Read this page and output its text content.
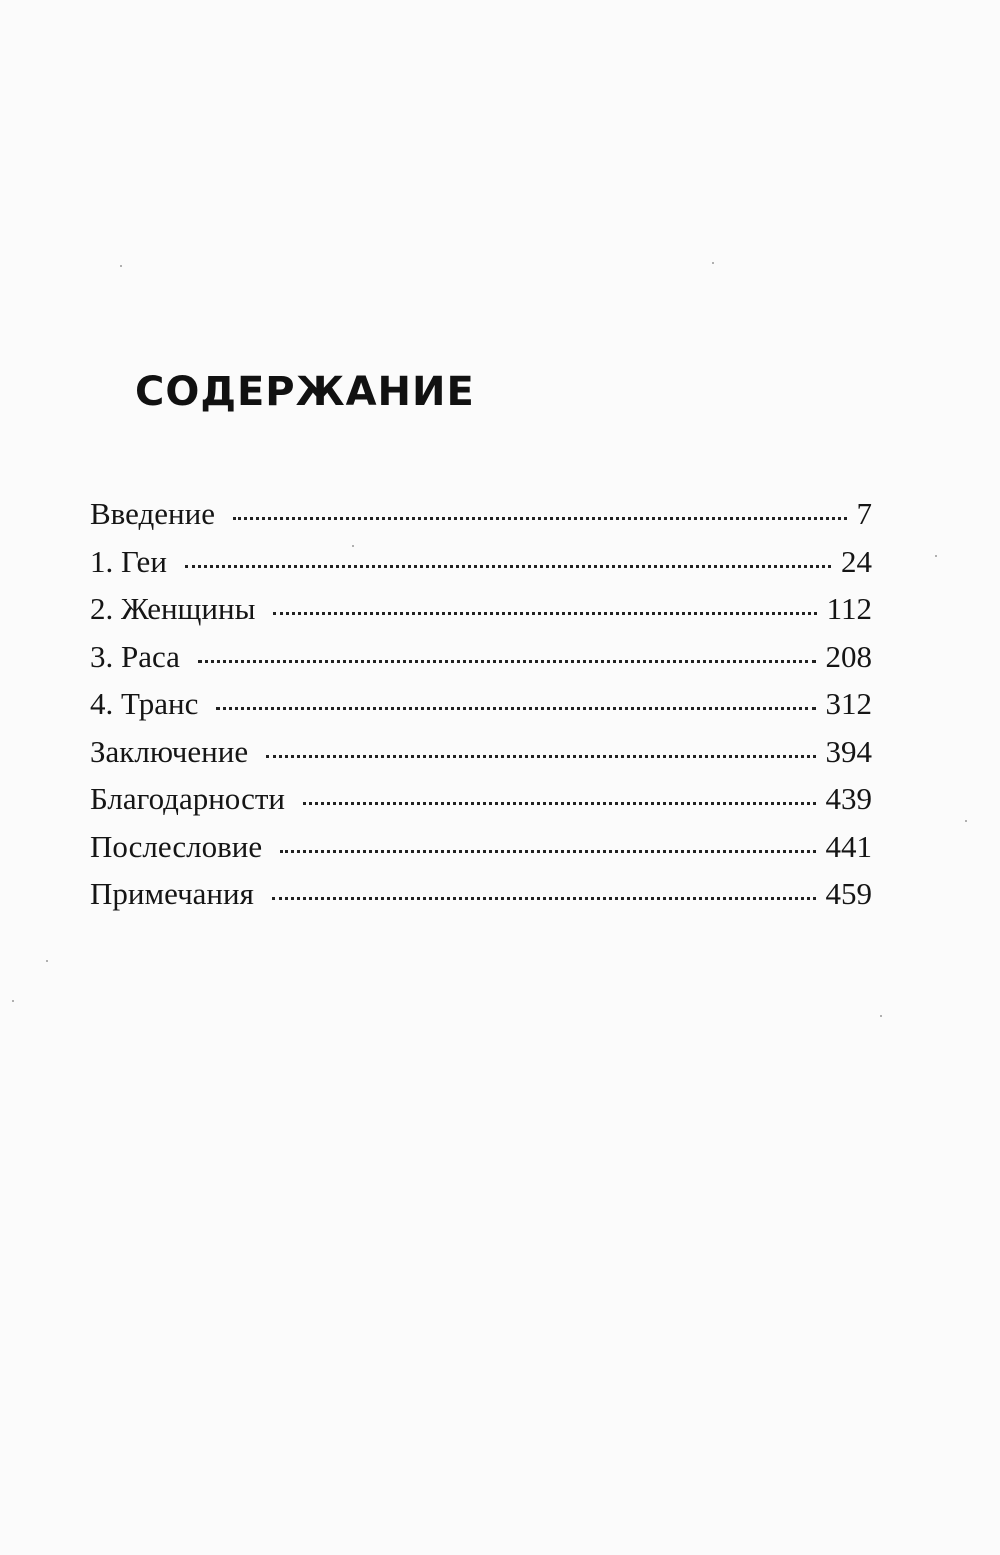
СОДЕРЖАНИЕ
Введение	7
1. Геи	24
2. Женщины	112
3. Раса	208
4. Транс	312
Заключение	394
Благодарности	439
Послесловие	441
Примечания	459
